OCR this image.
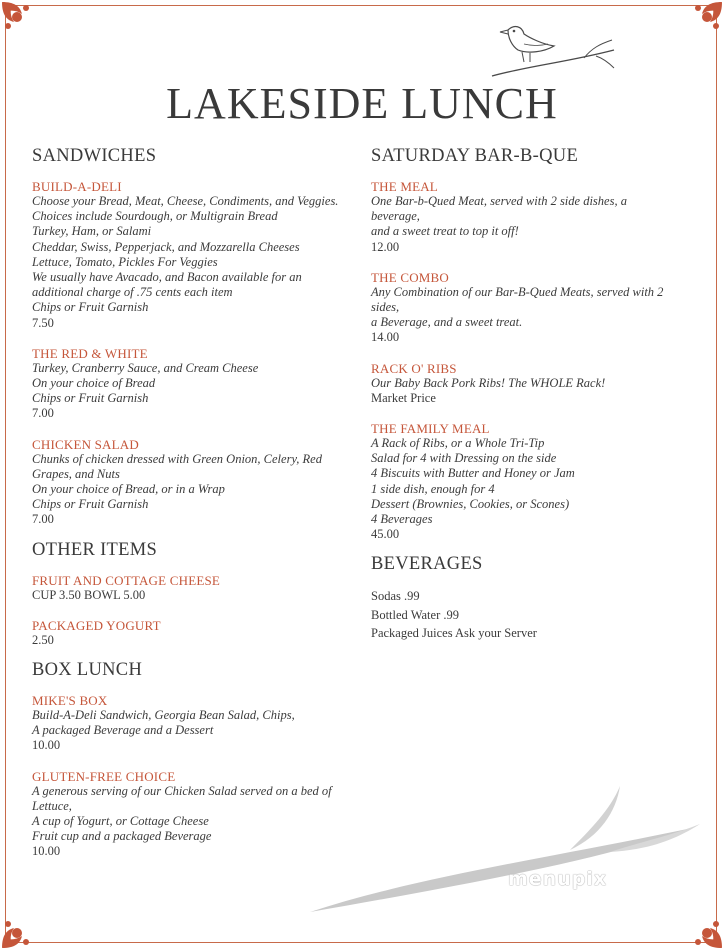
LAKESIDE LUNCH
SANDWICHES
BUILD-A-DELI
Choose your Bread, Meat, Cheese, Condiments, and Veggies.
Choices include Sourdough, or Multigrain Bread
Turkey, Ham, or Salami
Cheddar, Swiss, Pepperjack, and Mozzarella Cheeses
Lettuce, Tomato, Pickles For Veggies
We usually have Avacado, and Bacon available for an additional charge of .75 cents each item
Chips or Fruit Garnish
7.50
THE RED & WHITE
Turkey, Cranberry Sauce, and Cream Cheese
On your choice of Bread
Chips or Fruit Garnish
7.00
CHICKEN SALAD
Chunks of chicken dressed with Green Onion, Celery, Red Grapes, and Nuts
On your choice of Bread, or in a Wrap
Chips or Fruit Garnish
7.00
OTHER ITEMS
FRUIT AND COTTAGE CHEESE
CUP 3.50 BOWL 5.00
PACKAGED YOGURT
2.50
BOX LUNCH
MIKE'S BOX
Build-A-Deli Sandwich, Georgia Bean Salad, Chips,
A packaged Beverage and a Dessert
10.00
GLUTEN-FREE CHOICE
A generous serving of our Chicken Salad served on a bed of Lettuce,
A cup of Yogurt, or Cottage Cheese
Fruit cup and a packaged Beverage
10.00
SATURDAY BAR-B-QUE
THE MEAL
One Bar-b-Qued Meat, served with 2 side dishes, a beverage,
and a sweet treat to top it off!
12.00
THE COMBO
Any Combination of our Bar-B-Qued Meats, served with 2 sides,
a Beverage, and a sweet treat.
14.00
RACK O' RIBS
Our Baby Back Pork Ribs! The WHOLE Rack!
Market Price
THE FAMILY MEAL
A Rack of Ribs, or a Whole Tri-Tip
Salad for 4 with Dressing on the side
4 Biscuits with Butter and Honey or Jam
1 side dish, enough for 4
Dessert (Brownies, Cookies, or Scones)
4 Beverages
45.00
BEVERAGES
Sodas .99
Bottled Water .99
Packaged Juices Ask your Server
menupix
